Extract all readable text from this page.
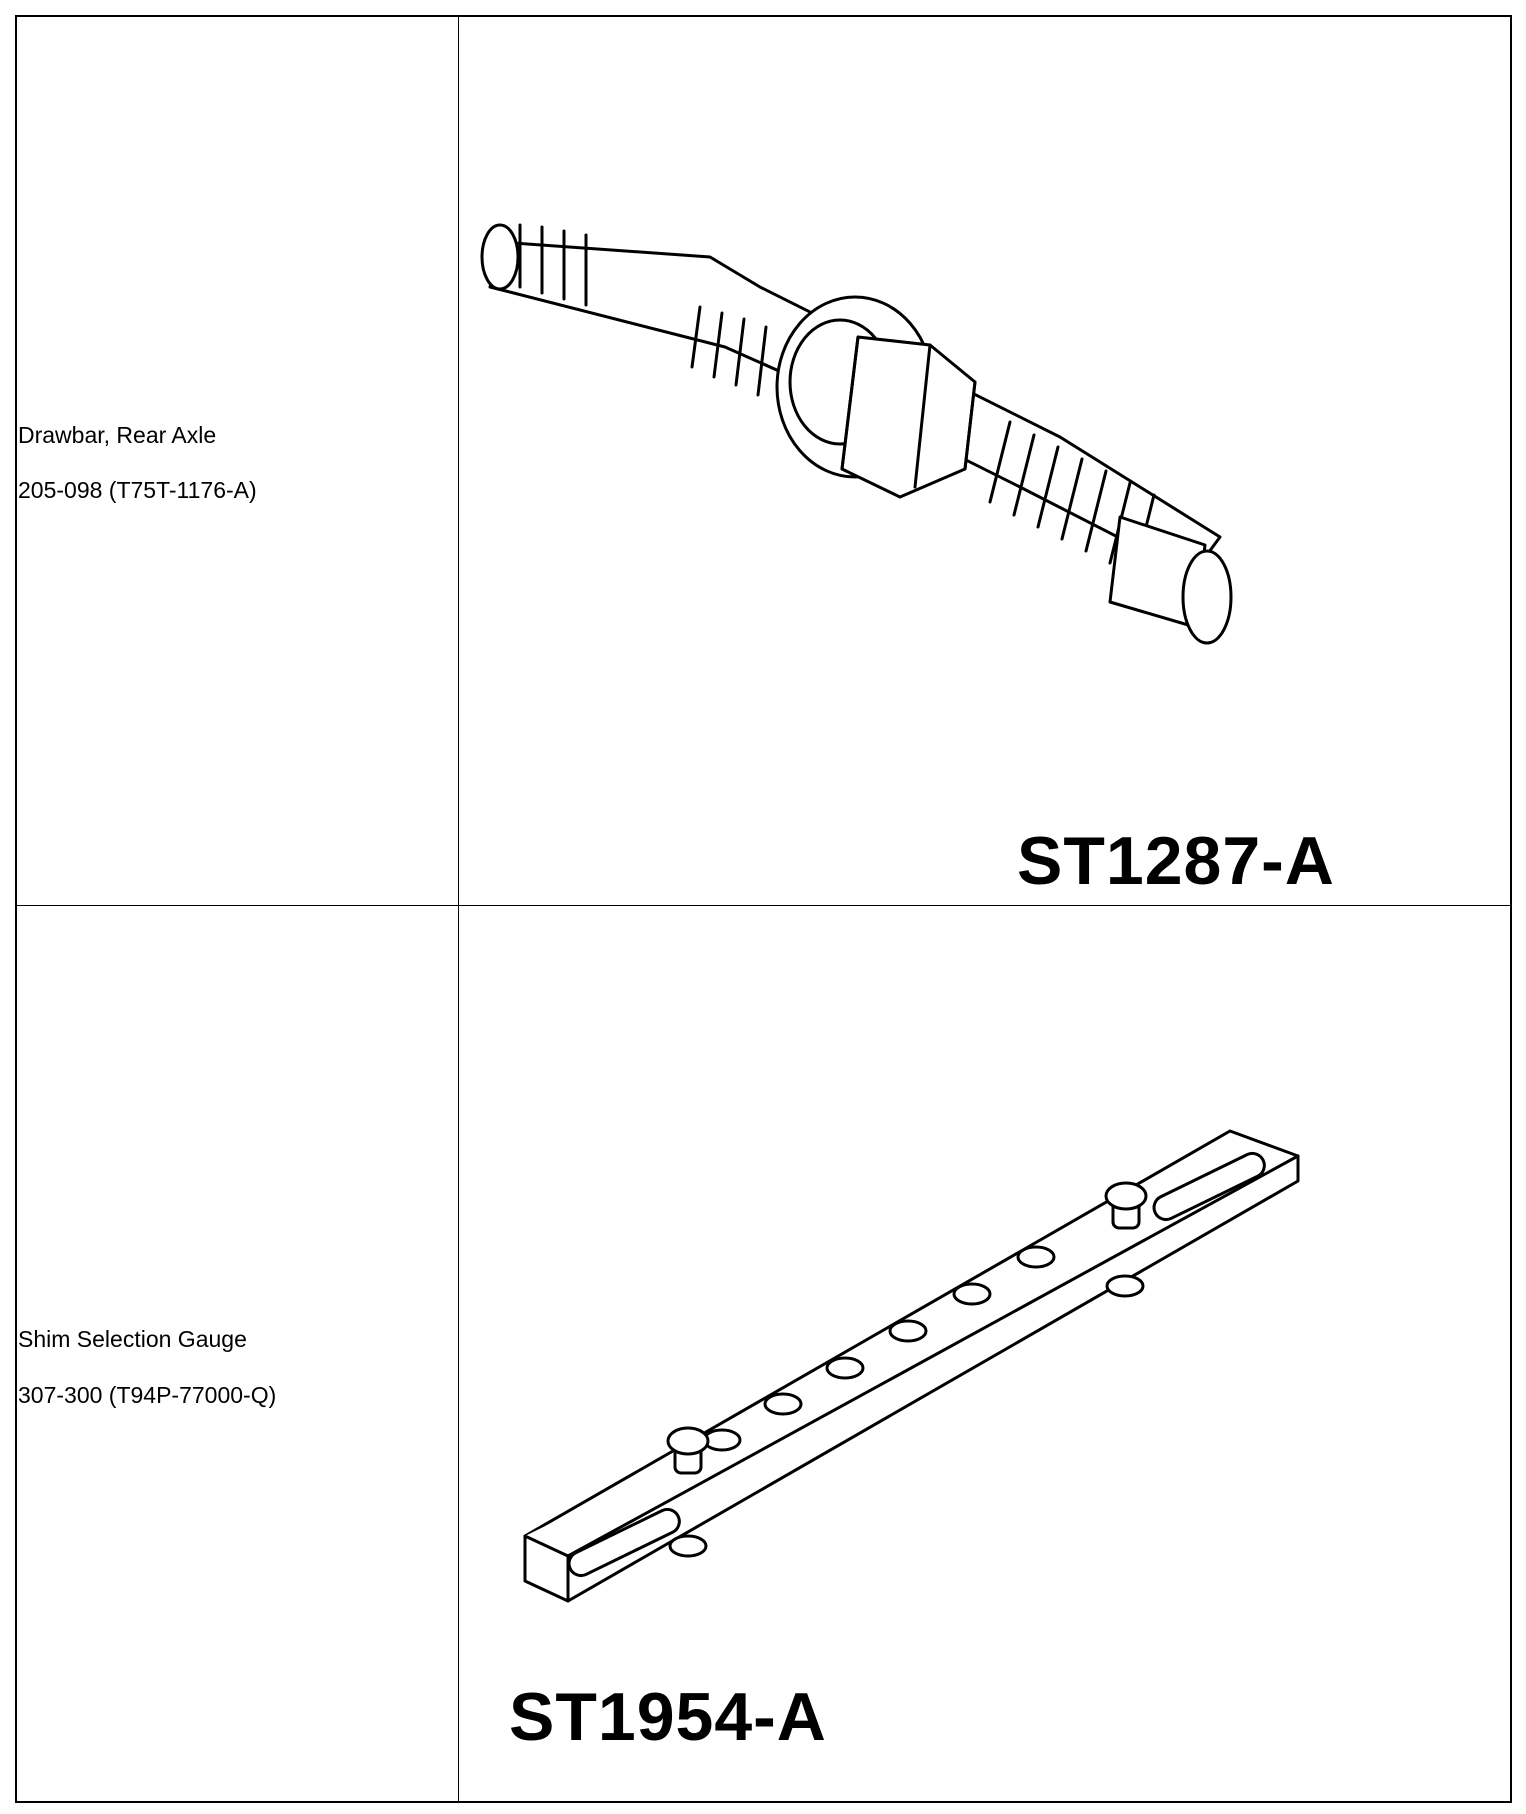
Drawbar, Rear Axle
205-098 (T75T-1176-A)
ST1287-A
Shim Selection Gauge
307-300 (T94P-77000-Q)
ST1954-A
